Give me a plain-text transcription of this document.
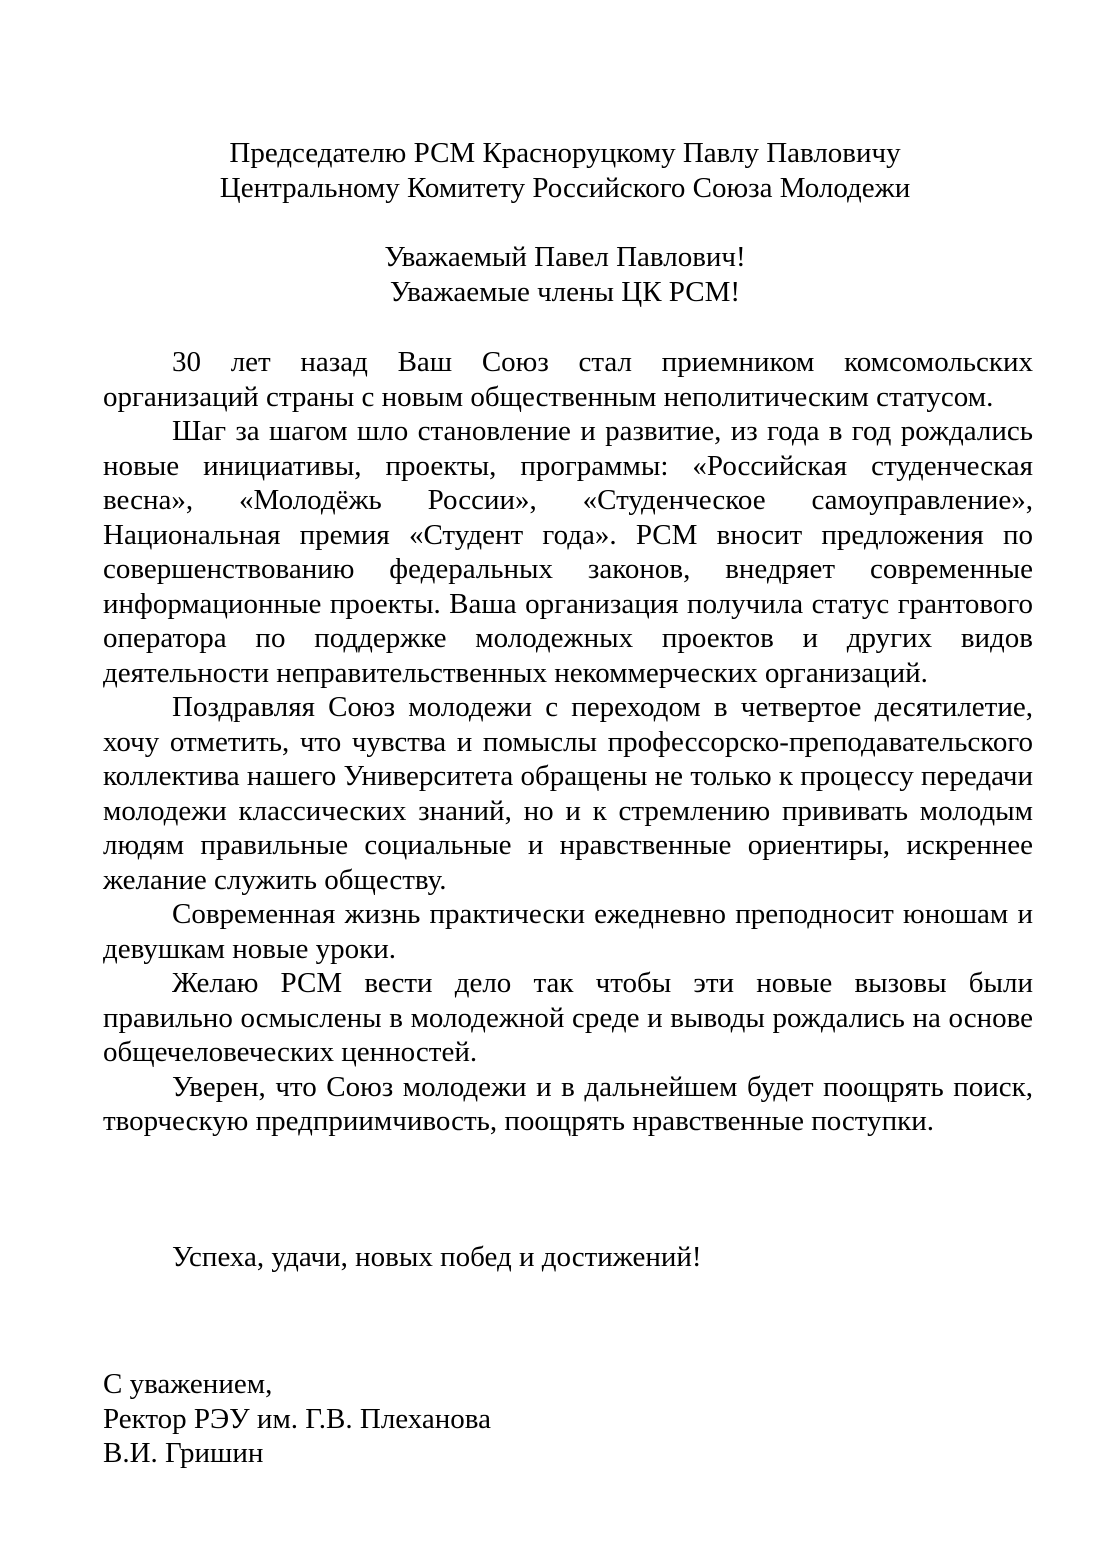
Председателю РСМ Красноруцкому Павлу Павловичу
Центральному Комитету Российского Союза Молодежи
Уважаемый Павел Павлович!
Уважаемые члены ЦК РСМ!

30 лет назад Ваш Союз стал приемником комсомольских организаций страны с новым общественным неполитическим статусом.

Шаг за шагом шло становление и развитие, из года в год рождались новые инициативы, проекты, программы: «Российская студенческая весна», «Молодёжь России», «Студенческое самоуправление», Национальная премия «Студент года». РСМ вносит предложения по совершенствованию федеральных законов, внедряет современные информационные проекты. Ваша организация получила статус грантового оператора по поддержке молодежных проектов и других видов деятельности неправительственных некоммерческих организаций.

Поздравляя Союз молодежи с переходом в четвертое десятилетие, хочу отметить, что чувства и помыслы профессорско-преподавательского коллектива нашего Университета обращены не только к процессу передачи молодежи классических знаний, но и к стремлению прививать молодым людям правильные социальные и нравственные ориентиры, искреннее желание служить обществу.

Современная жизнь практически ежедневно преподносит юношам и девушкам новые уроки.

Желаю РСМ вести дело так чтобы эти новые вызовы были правильно осмыслены в молодежной среде и выводы рождались на основе общечеловеческих ценностей.

Уверен, что Союз молодежи и в дальнейшем будет поощрять поиск, творческую предприимчивость, поощрять нравственные поступки.

Успеха, удачи, новых побед и достижений!
С уважением,
Ректор РЭУ им. Г.В. Плеханова
В.И. Гришин
